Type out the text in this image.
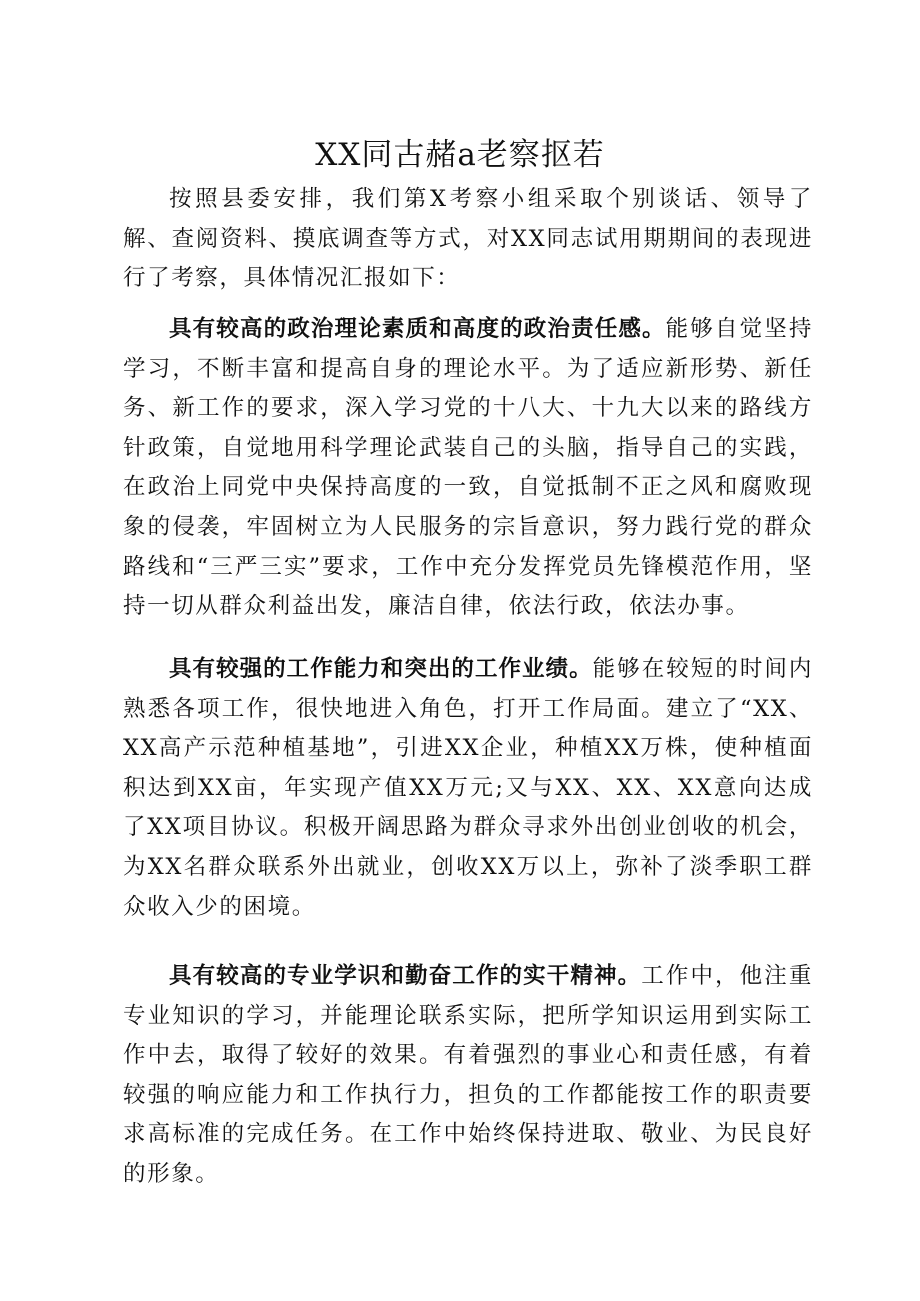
XX同古赭a老察抠若

按照县委安排，我们第X考察小组采取个别谈话、领导了解、查阅资料、摸底调查等方式，对XX同志试用期期间的表现进行了考察，具体情况汇报如下：

具有较高的政治理论素质和高度的政治责任感。能够自觉坚持学习，不断丰富和提高自身的理论水平。为了适应新形势、新任务、新工作的要求，深入学习党的十八大、十九大以来的路线方针政策，自觉地用科学理论武装自己的头脑，指导自己的实践，在政治上同党中央保持高度的一致，自觉抵制不正之风和腐败现象的侵袭，牢固树立为人民服务的宗旨意识，努力践行党的群众路线和“三严三实”要求，工作中充分发挥党员先锋模范作用，坚持一切从群众利益出发，廉洁自律，依法行政，依法办事。

具有较强的工作能力和突出的工作业绩。能够在较短的时间内熟悉各项工作，很快地进入角色，打开工作局面。建立了“XX、XX高产示范种植基地”，引进XX企业，种植XX万株，使种植面积达到XX亩，年实现产值XX万元;又与XX、XX、XX意向达成了XX项目协议。积极开阔思路为群众寻求外出创业创收的机会，为XX名群众联系外出就业，创收XX万以上，弥补了淡季职工群众收入少的困境。

具有较高的专业学识和勤奋工作的实干精神。工作中，他注重专业知识的学习，并能理论联系实际，把所学知识运用到实际工作中去，取得了较好的效果。有着强烈的事业心和责任感，有着较强的响应能力和工作执行力，担负的工作都能按工作的职责要求高标准的完成任务。在工作中始终保持进取、敬业、为民良好的形象。
